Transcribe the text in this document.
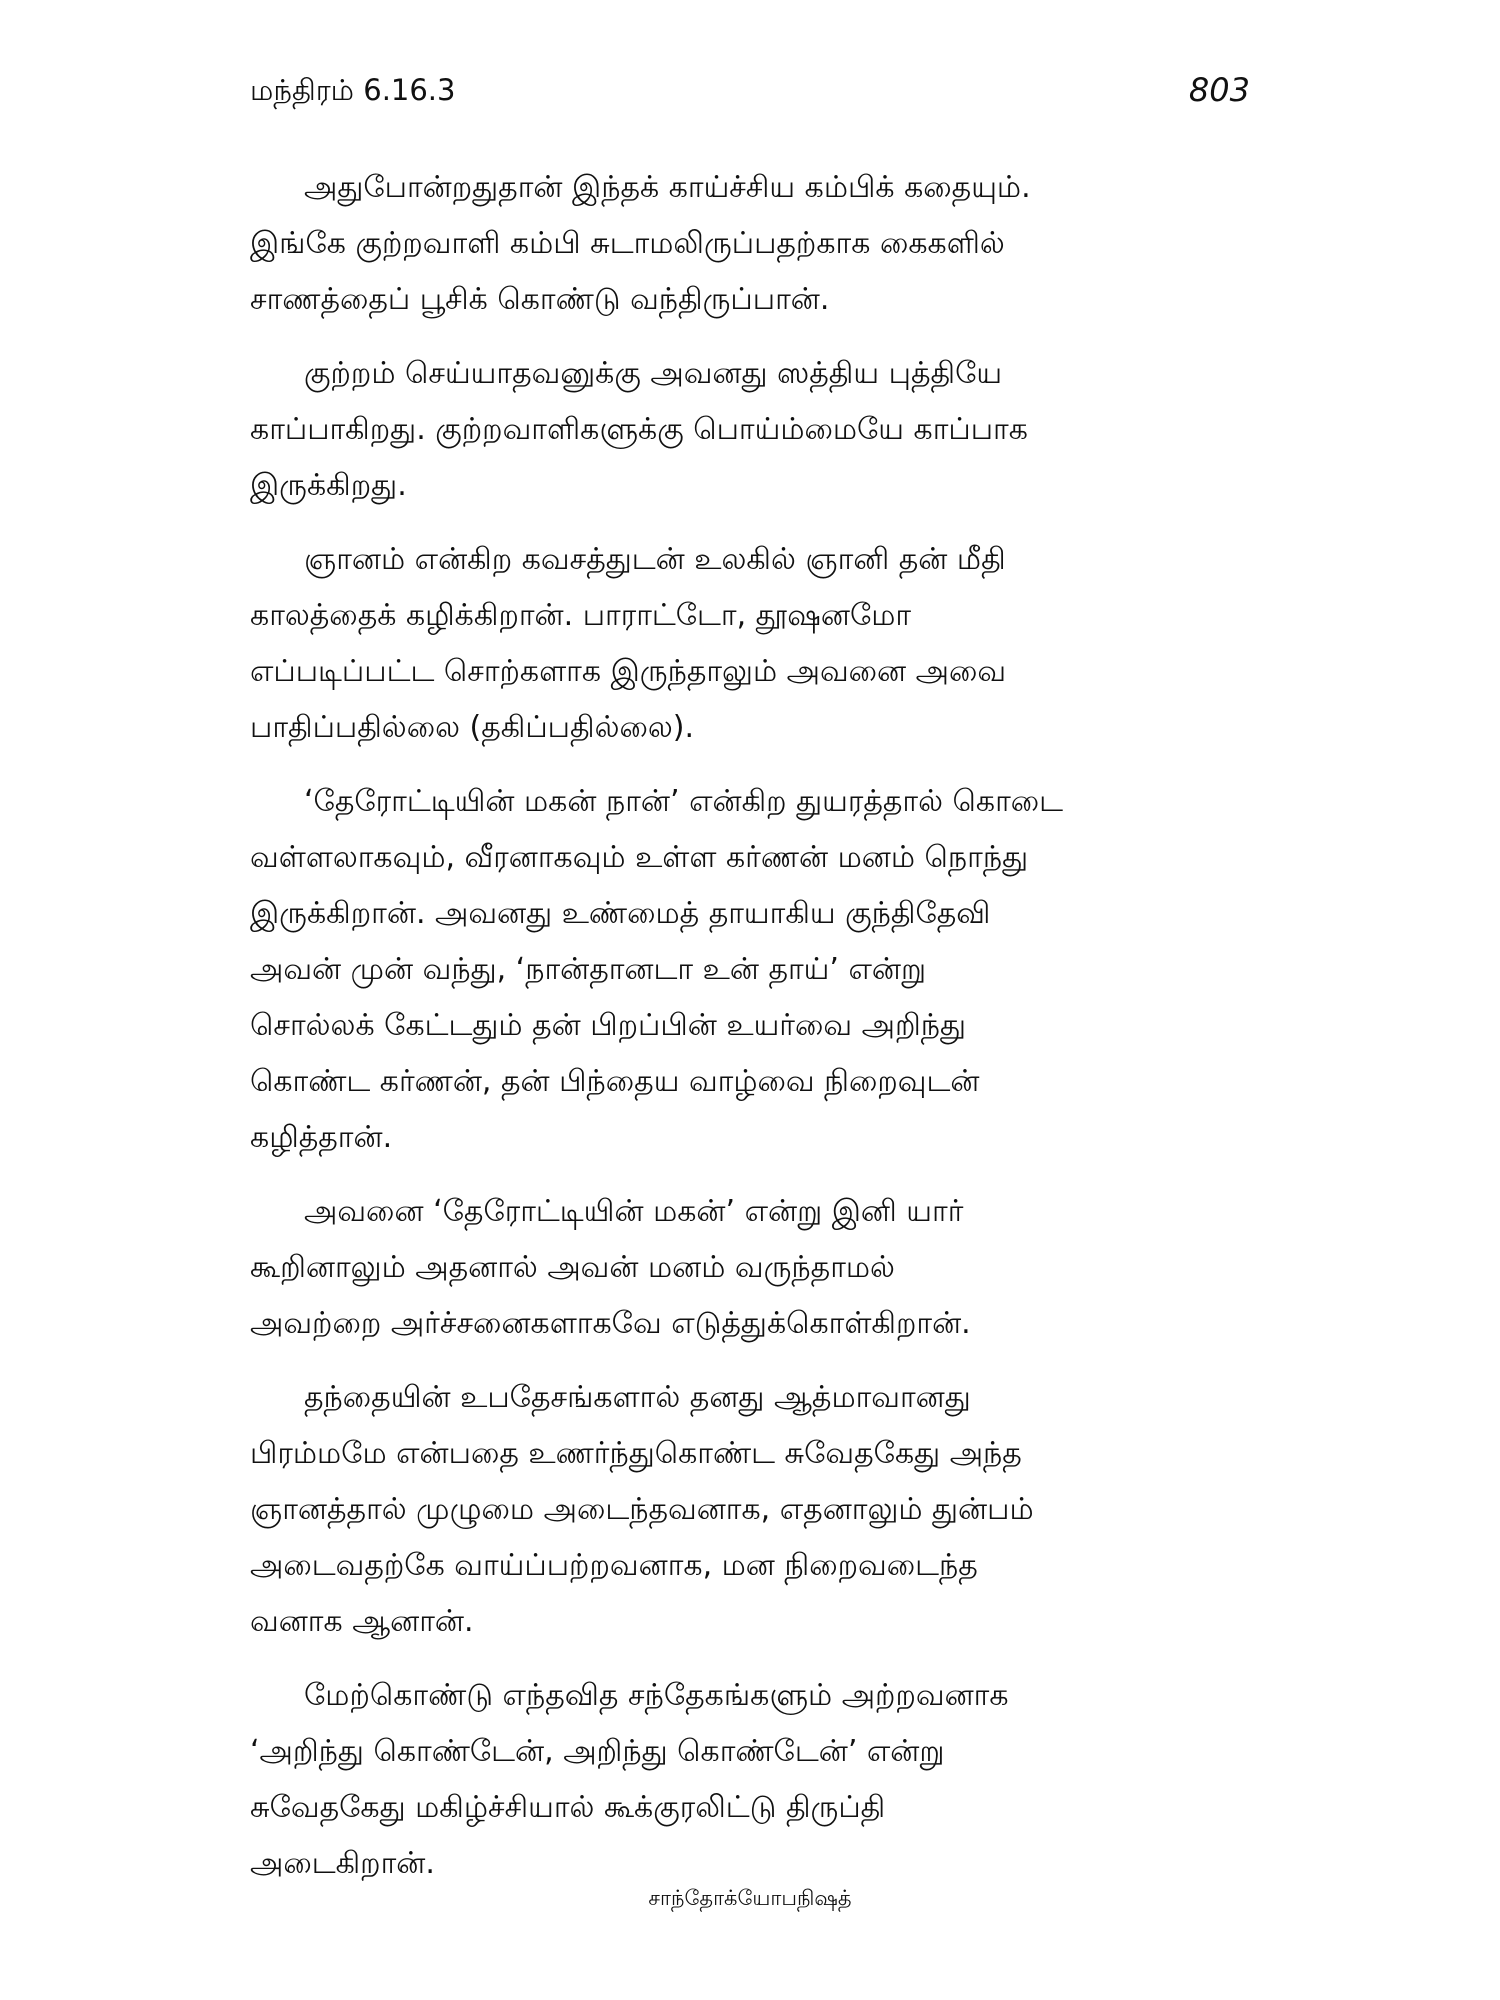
மந்திரம் 6.16.3	803
அதுபோன்றதுதான் இந்தக் காய்ச்சிய கம்பிக் கதையும்.
இங்கே குற்றவாளி கம்பி சுடாமலிருப்பதற்காக கைகளில்
சாணத்தைப் பூசிக் கொண்டு வந்திருப்பான்.
குற்றம் செய்யாதவனுக்கு அவனது ஸத்திய புத்தியே
காப்பாகிறது. குற்றவாளிகளுக்கு பொய்ம்மையே காப்பாக
இருக்கிறது.
ஞானம் என்கிற கவசத்துடன் உலகில் ஞானி தன் மீதி
காலத்தைக் கழிக்கிறான். பாராட்டோ, தூஷனமோ
எப்படிப்பட்ட சொற்களாக இருந்தாலும் அவனை அவை
பாதிப்பதில்லை (தகிப்பதில்லை).
‘தேரோட்டியின் மகன் நான்’ என்கிற துயரத்தால் கொடை
வள்ளலாகவும், வீரனாகவும் உள்ள கர்ணன் மனம் நொந்து
இருக்கிறான். அவனது உண்மைத் தாயாகிய குந்திதேவி
அவன் முன் வந்து, ‘நான்தானடா உன் தாய்’ என்று
சொல்லக் கேட்டதும் தன் பிறப்பின் உயர்வை அறிந்து
கொண்ட கர்ணன், தன் பிந்தைய வாழ்வை நிறைவுடன்
கழித்தான்.
அவனை ‘தேரோட்டியின் மகன்’ என்று இனி யார்
கூறினாலும் அதனால் அவன் மனம் வருந்தாமல்
அவற்றை அர்ச்சனைகளாகவே எடுத்துக்கொள்கிறான்.
தந்தையின் உபதேசங்களால் தனது ஆத்மாவானது
பிரம்மமே என்பதை உணர்ந்துகொண்ட சுவேதகேது அந்த
ஞானத்தால் முழுமை அடைந்தவனாக, எதனாலும் துன்பம்
அடைவதற்கே வாய்ப்பற்றவனாக, மன நிறைவடைந்த
வனாக ஆனான்.
மேற்கொண்டு எந்தவித சந்தேகங்களும் அற்றவனாக
‘அறிந்து கொண்டேன், அறிந்து கொண்டேன்’ என்று
சுவேதகேது மகிழ்ச்சியால் கூக்குரலிட்டு திருப்தி
அடைகிறான்.
சாந்தோக்யோபநிஷத்
